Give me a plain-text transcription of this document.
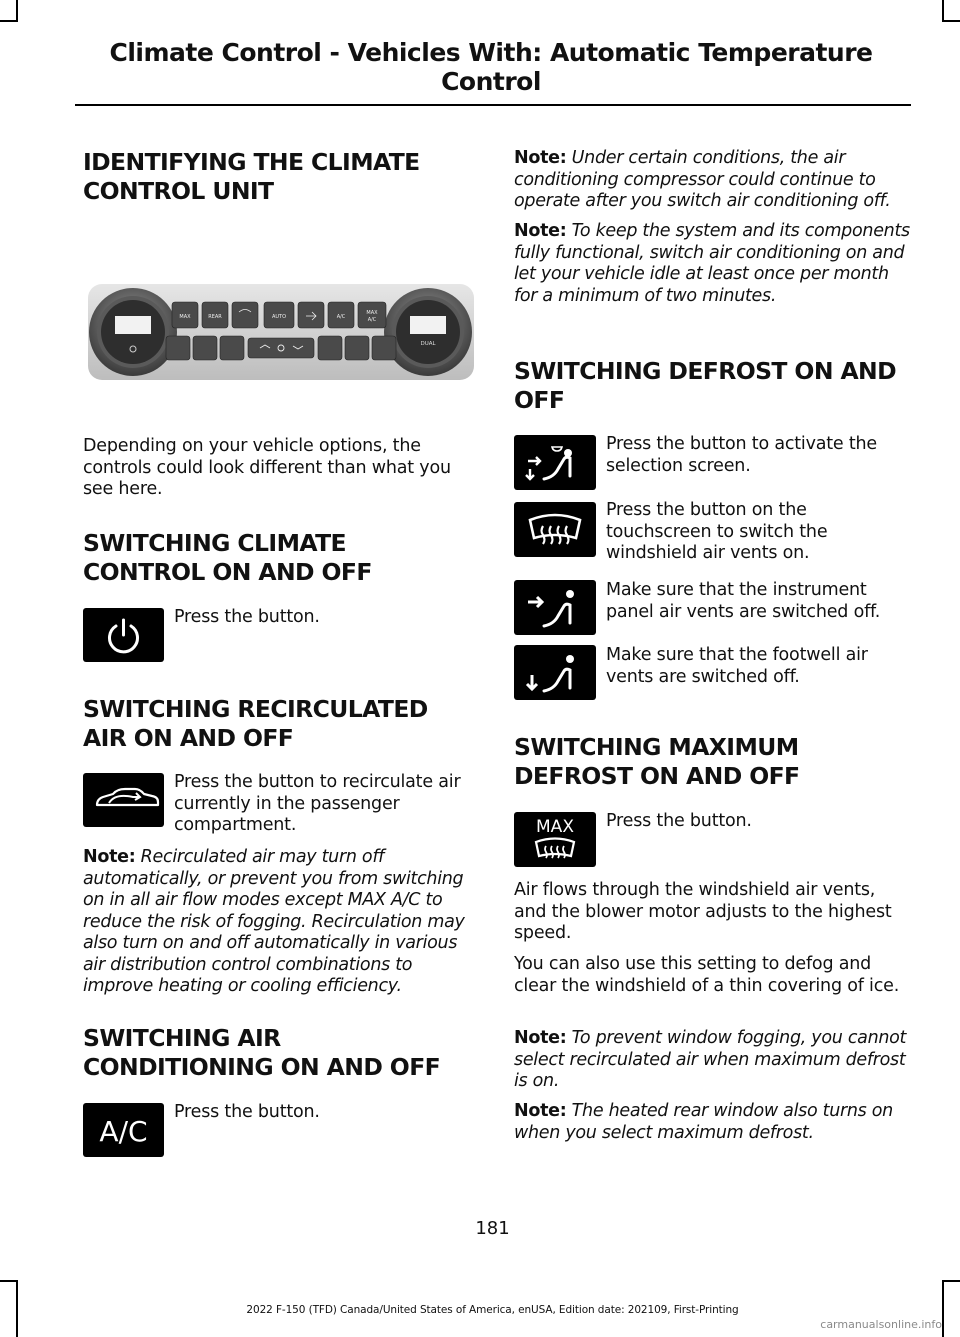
Climate Control - Vehicles With: Automatic Temperature Control
IDENTIFYING THE CLIMATE
CONTROL UNIT
DUAL
MAX	REAR	AUTO	A/C
MAX
A/C

Depending on your vehicle options, the controls could look different than what you see here.

SWITCHING CLIMATE
CONTROL ON AND OFF

Press the button.

SWITCHING RECIRCULATED
AIR ON AND OFF

Press the button to recirculate air currently in the passenger compartment.

Note: Recirculated air may turn off automatically, or prevent you from switching on in all air flow modes except MAX A/C to reduce the risk of fogging. Recirculation may also turn on and off automatically in various air distribution control combinations to improve heating or cooling efficiency.

SWITCHING AIR
CONDITIONING ON AND OFF
A/C

Press the button.

Note: Under certain conditions, the air conditioning compressor could continue to operate after you switch air conditioning off.

Note: To keep the system and its components fully functional, switch air conditioning on and let your vehicle idle at least once per month for a minimum of two minutes.

SWITCHING DEFROST ON AND
OFF

Press the button to activate the selection screen.

Press the button on the touchscreen to switch the windshield air vents on.

Make sure that the instrument panel air vents are switched off.

Make sure that the footwell air vents are switched off.

SWITCHING MAXIMUM
DEFROST ON AND OFF
MAX Press the button.

Air flows through the windshield air vents, and the blower motor adjusts to the highest speed.

You can also use this setting to defog and clear the windshield of a thin covering of ice.

Note: To prevent window fogging, you cannot select recirculated air when maximum defrost is on.

Note: The heated rear window also turns on when you select maximum defrost.

181
2022 F-150 (TFD) Canada/United States of America, enUSA, Edition date: 202109, First-Printing
carmanualsonline.info
